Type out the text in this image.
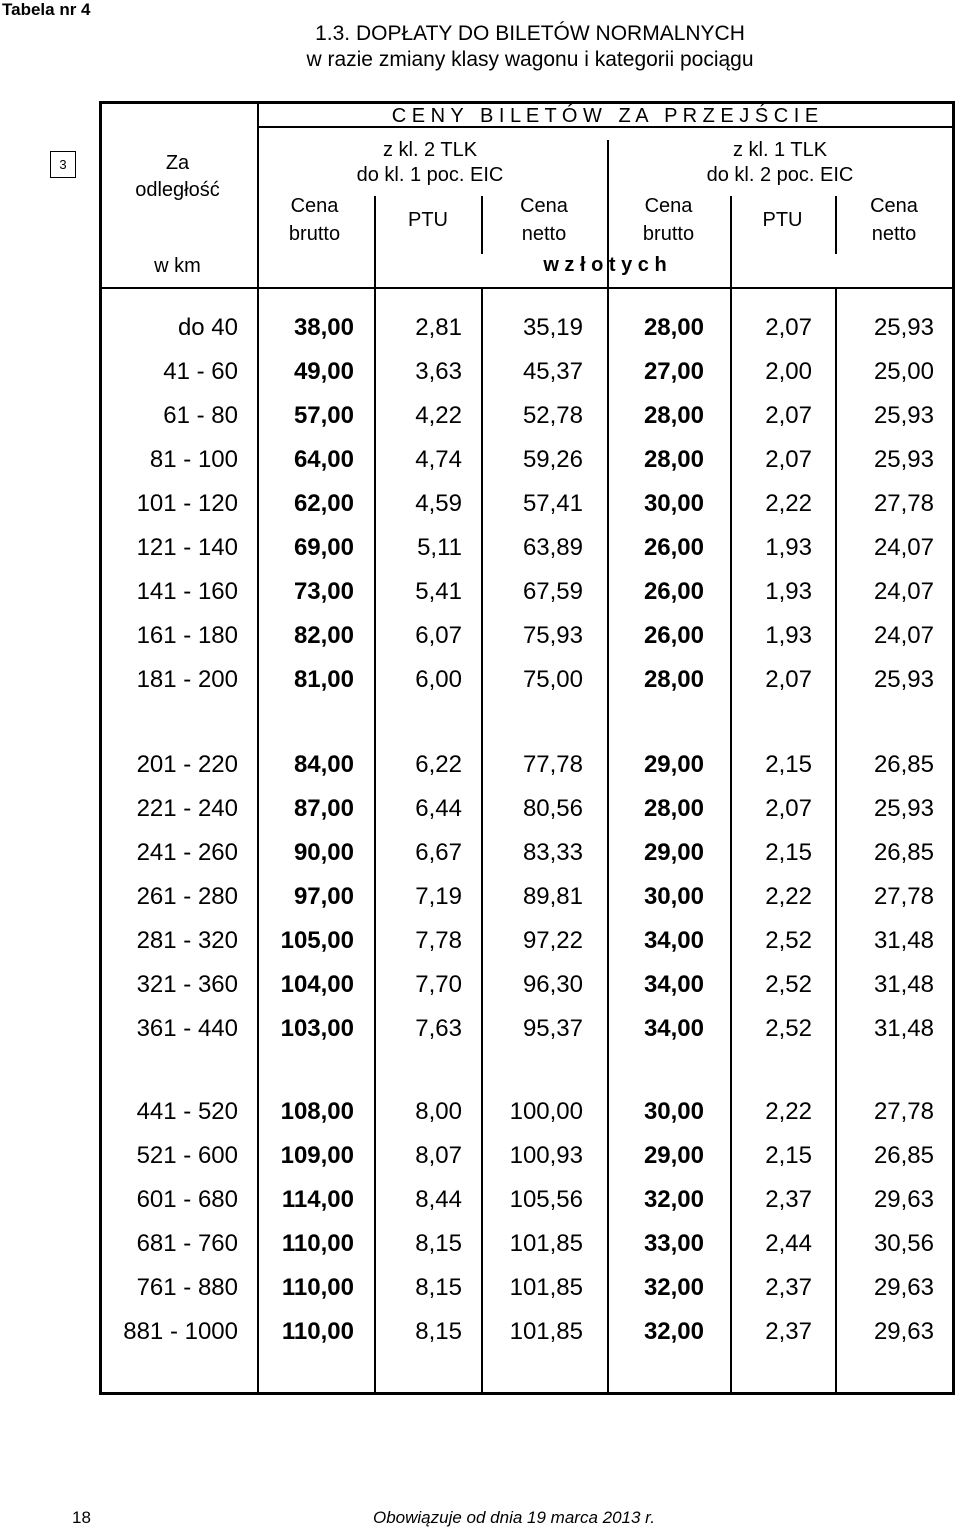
Tabela nr 4
1.3. DOPŁATY DO BILETÓW NORMALNYCH
w razie zmiany klasy wagonu i kategorii pociągu
3	Za
odległość
w km
C E N Y   B I L E T Ó W   Z A   P R Z E J Ś C I E
z kl. 2 TLK
do kl. 1 poc. EIC
z kl. 1 TLK
do kl. 2 poc. EIC
Cena
brutto
PTU
Cena
netto
Cena
brutto
PTU
Cena
netto
w z ł o t y c h
do 40	38,00	2,81	35,19	28,00	2,07	25,93
41 - 60	49,00	3,63	45,37	27,00	2,00	25,00
61 - 80	57,00	4,22	52,78	28,00	2,07	25,93
81 - 100	64,00	4,74	59,26	28,00	2,07	25,93
101 - 120	62,00	4,59	57,41	30,00	2,22	27,78
121 - 140	69,00	5,11	63,89	26,00	1,93	24,07
141 - 160	73,00	5,41	67,59	26,00	1,93	24,07
161 - 180	82,00	6,07	75,93	26,00	1,93	24,07
181 - 200	81,00	6,00	75,00	28,00	2,07	25,93
201 - 220	84,00	6,22	77,78	29,00	2,15	26,85
221 - 240	87,00	6,44	80,56	28,00	2,07	25,93
241 - 260	90,00	6,67	83,33	29,00	2,15	26,85
261 - 280	97,00	7,19	89,81	30,00	2,22	27,78
281 - 320	105,00	7,78	97,22	34,00	2,52	31,48
321 - 360	104,00	7,70	96,30	34,00	2,52	31,48
361 - 440	103,00	7,63	95,37	34,00	2,52	31,48
441 - 520	108,00	8,00	100,00	30,00	2,22	27,78
521 - 600	109,00	8,07	100,93	29,00	2,15	26,85
601 - 680	114,00	8,44	105,56	32,00	2,37	29,63
681 - 760	110,00	8,15	101,85	33,00	2,44	30,56
761 - 880	110,00	8,15	101,85	32,00	2,37	29,63
881 - 1000	110,00	8,15	101,85	32,00	2,37	29,63
18	Obowiązuje od dnia 19 marca 2013 r.
